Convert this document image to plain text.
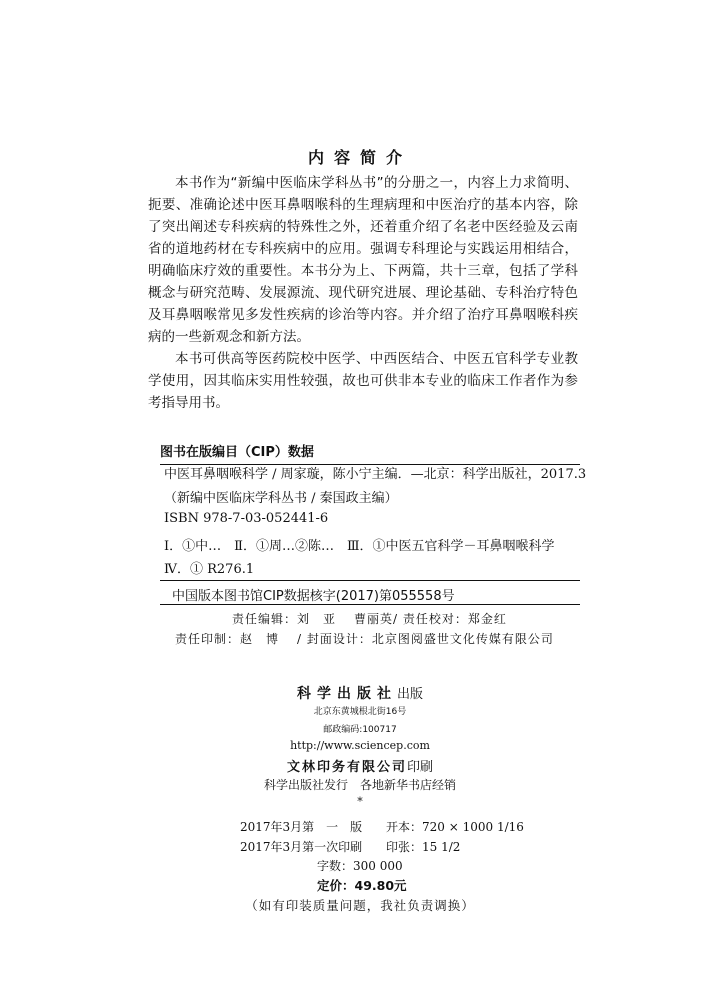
内容简介

本书作为“新编中医临床学科丛书”的分册之一，内容上力求简明、扼要、准确论述中医耳鼻咽喉科的生理病理和中医治疗的基本内容，除了突出阐述专科疾病的特殊性之外，还着重介绍了名老中医经验及云南省的道地药材在专科疾病中的应用。强调专科理论与实践运用相结合，明确临床疗效的重要性。本书分为上、下两篇，共十三章，包括了学科概念与研究范畴、发展源流、现代研究进展、理论基础、专科治疗特色及耳鼻咽喉常见多发性疾病的诊治等内容。并介绍了治疗耳鼻咽喉科疾病的一些新观念和新方法。

本书可供高等医药院校中医学、中西医结合、中医五官科学专业教学使用，因其临床实用性较强，故也可供非本专业的临床工作者作为参考指导用书。

图书在版编目（CIP）数据
中医耳鼻咽喉科学 / 周家璇，陈小宁主编．—北京：科学出版社，2017.3
（新编中医临床学科丛书 / 秦国政主编）
ISBN 978-7-03-052441-6
Ⅰ．①中…　Ⅱ．①周…②陈…　Ⅲ．①中医五官科学－耳鼻咽喉科学
Ⅳ．① R276.1
中国版本图书馆CIP数据核字(2017)第055558号
责任编辑：刘　亚 曹丽英/ 责任校对：郑金红
责任印制：赵　博 / 封面设计：北京图阅盛世文化传媒有限公司
科学出版社出版
北京东黄城根北街16号
邮政编码:100717
http://www.sciencep.com
文林印务有限公司印刷
科学出版社发行　各地新华书店经销
*
2017年3月第　一　版 开本：720 × 1000 1/16
2017年3月第一次印刷 印张：15 1/2
字数：300 000
定价：49.80元
（如有印装质量问题，我社负责调换）
